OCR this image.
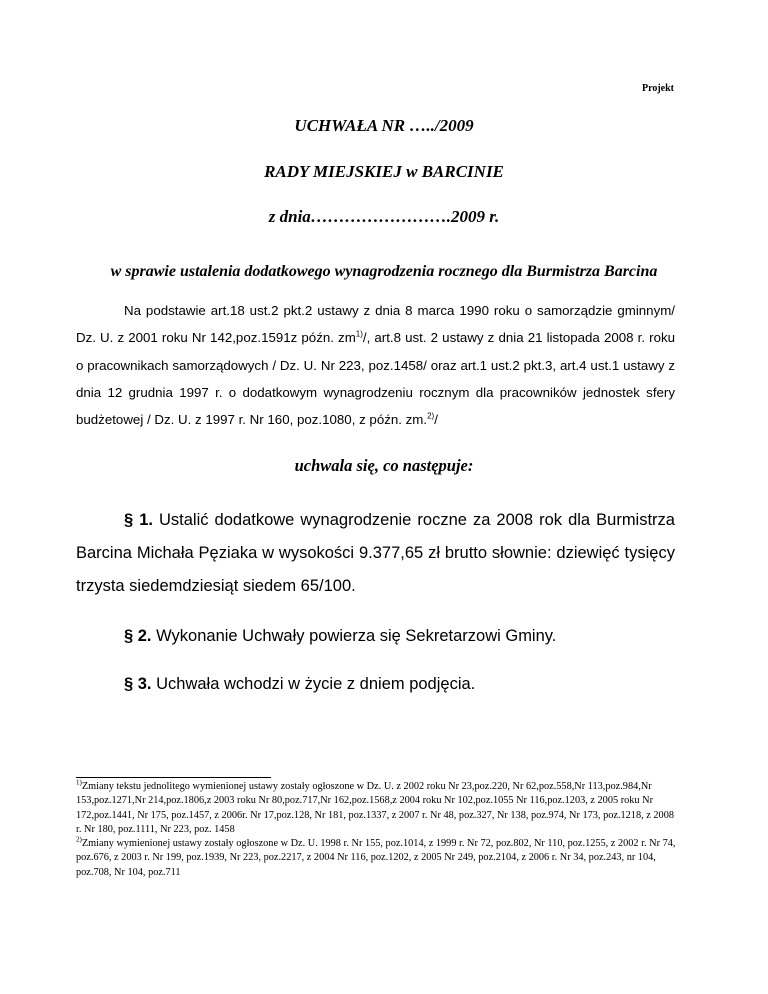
Projekt
UCHWAŁA NR …../2009
RADY MIEJSKIEJ w BARCINIE
z dnia…………………….2009 r.
w sprawie ustalenia dodatkowego wynagrodzenia rocznego dla Burmistrza Barcina
Na podstawie art.18 ust.2 pkt.2 ustawy z dnia 8 marca 1990 roku o samorządzie gminnym/ Dz. U. z 2001 roku Nr 142,poz.1591z późn. $zm^{1)}/$, art.8 ust. 2 ustawy z dnia 21 listopada 2008 r. roku o pracownikach samorządowych / Dz. U. Nr 223, poz.1458/ oraz art.1 ust.2 pkt.3, art.4 ust.1 ustawy z dnia 12 grudnia 1997 r. o dodatkowym wynagrodzeniu rocznym dla pracowników jednostek sfery budżetowej / Dz. U. z 1997 r. Nr 160, poz.1080, z późn. zm.$^{2)}$/
uchwala się, co następuje:
§ 1. Ustalić dodatkowe wynagrodzenie roczne za 2008 rok dla Burmistrza Barcina Michała Pęziaka w wysokości 9.377,65 zł brutto słownie: dziewięć tysięcy trzysta siedemdziesiąt siedem 65/100.
§ 2. Wykonanie Uchwały powierza się Sekretarzowi Gminy.
§ 3. Uchwała wchodzi w życie z dniem podjęcia.

$^{1)}$Zmiany tekstu jednolitego wymienionej ustawy zostały ogłoszone w Dz. U. z 2002 roku Nr 23,poz.220, Nr 62,poz.558,Nr 113,poz.984,Nr 153,poz.1271,Nr 214,poz.1806,z 2003 roku Nr 80,poz.717,Nr 162,poz.1568,z 2004 roku Nr 102,poz.1055 Nr 116,poz.1203, z 2005 roku Nr 172,poz.1441, Nr 175, poz.1457, z 2006r. Nr 17,poz.128, Nr 181, poz.1337, z 2007 r. Nr 48, poz.327, Nr 138, poz.974, Nr 173, poz.1218, z 2008 r. Nr 180, poz.1111, Nr 223, poz. 1458

$^{2)}$Zmiany wymienionej ustawy zostały ogłoszone w Dz. U. 1998 r. Nr 155, poz.1014, z 1999 r. Nr 72, poz.802, Nr 110, poz.1255, z 2002 r. Nr 74, poz.676, z 2003 r. Nr 199, poz.1939, Nr 223, poz.2217, z 2004 Nr 116, poz.1202, z 2005 Nr 249, poz.2104, z 2006 r. Nr 34, poz.243, nr 104, poz.708, Nr 104, poz.711
